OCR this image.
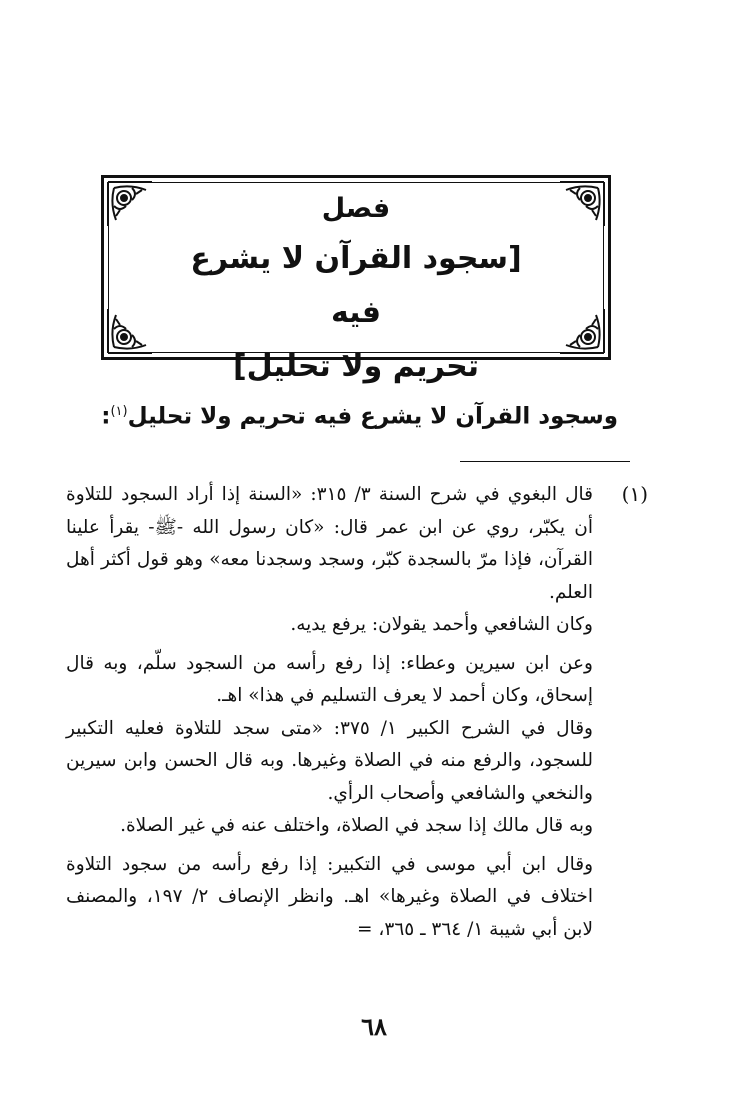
فصل
[سجود القرآن لا يشرع فيه
تحريم ولا تحليل]
وسجود القرآن لا يشرع فيه تحريم ولا تحليل$^{(١)}$:
(١)

قال البغوي في شرح السنة ٣/ ٣١٥: «السنة إذا أراد السجود للتلاوة أن يكبّر، روي عن ابن عمر قال: «كان رسول الله -ﷺ- يقرأ علينا القرآن، فإذا مرّ بالسجدة كبّر، وسجد وسجدنا معه» وهو قول أكثر أهل العلم.

وكان الشافعي وأحمد يقولان: يرفع يديه.

وعن ابن سيرين وعطاء: إذا رفع رأسه من السجود سلّم، وبه قال إسحاق، وكان أحمد لا يعرف التسليم في هذا» اهـ.

وقال في الشرح الكبير ١/ ٣٧٥: «متى سجد للتلاوة فعليه التكبير للسجود، والرفع منه في الصلاة وغيرها. وبه قال الحسن وابن سيرين والنخعي والشافعي وأصحاب الرأي.

وبه قال مالك إذا سجد في الصلاة، واختلف عنه في غير الصلاة.

وقال ابن أبي موسى في التكبير: إذا رفع رأسه من سجود التلاوة اختلاف في الصلاة وغيرها» اهـ. وانظر الإنصاف ٢/ ١٩٧، والمصنف لابن أبي شيبة ١/ ٣٦٤ ـ ٣٦٥، =

٦٨
